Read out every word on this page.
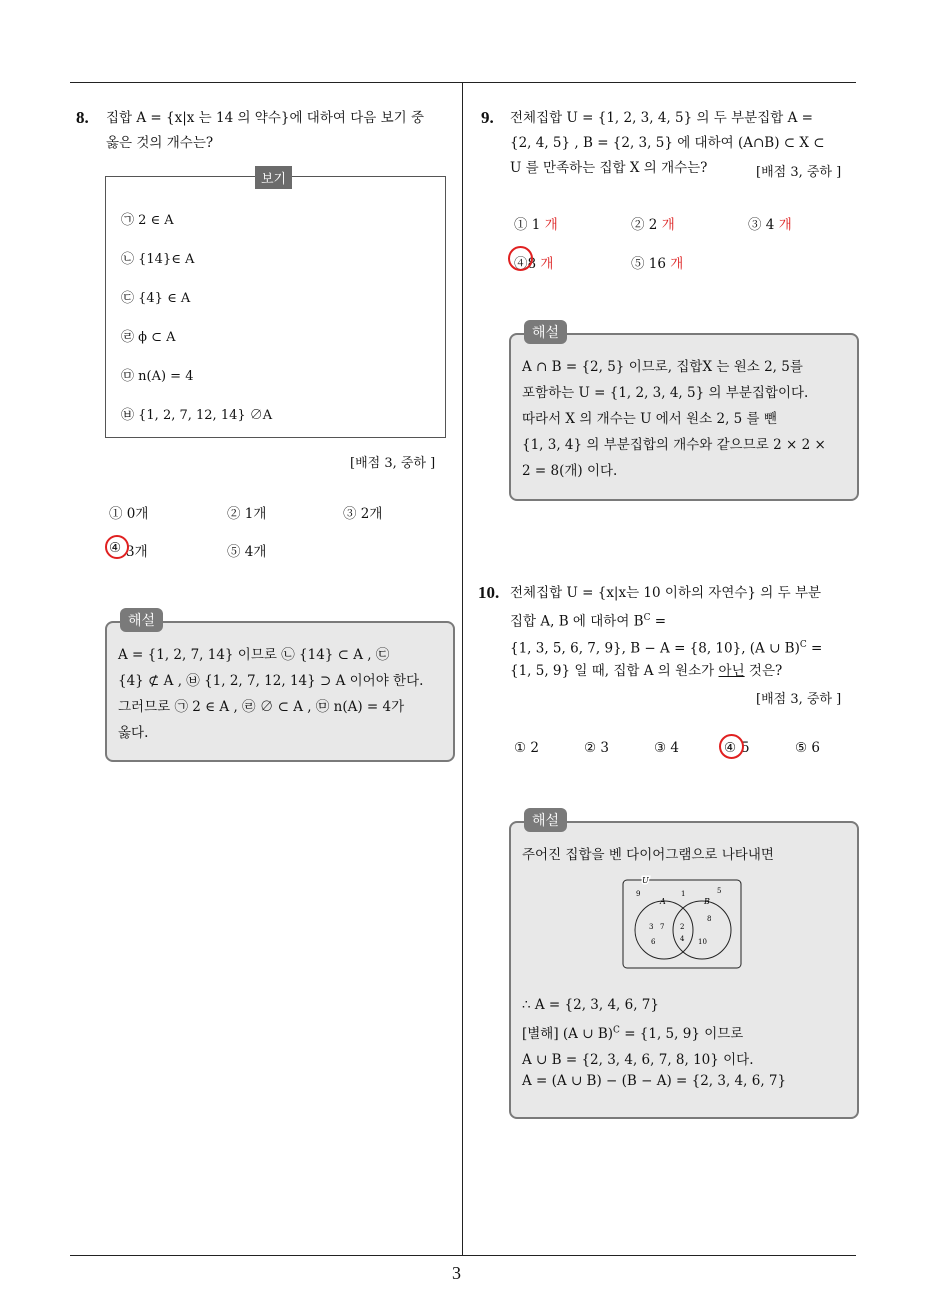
3
8. 집합 A = {x|x 는 14 의 약수}에 대하여 다음 보기 중
옳은 것의 개수는?
보기
㉠ 2 ∈ A
㉡ {14}∈ A
㉢ {4} ∈ A
㉣ ϕ ⊂ A
㉤ n(A) = 4
㉥ {1, 2, 7, 12, 14} ∅A
[배점 3, 중하 ]
① 0개	② 1개	③ 2개
④ 3개	⑤ 4개
해설
A = {1, 2, 7, 14} 이므로 ㉡ {14} ⊂ A , ㉢
{4} ⊄ A , ㉥ {1, 2, 7, 12, 14} ⊃ A 이어야 한다.
그러므로 ㉠ 2 ∈ A , ㉣ ∅ ⊂ A , ㉤ n(A) = 4가
옳다.
9. 전체집합 U = {1, 2, 3, 4, 5} 의 두 부분집합 A =
{2, 4, 5} , B = {2, 3, 5} 에 대하여 (A∩B) ⊂ X ⊂
U 를 만족하는 집합 X 의 개수는?	[배점 3, 중하 ]
① 1 개	② 2 개	③ 4 개
④8 개	⑤ 16 개
해설
A ∩ B = {2, 5} 이므로, 집합X 는 원소 2, 5를
포함하는 U = {1, 2, 3, 4, 5} 의 부분집합이다.
따라서 X 의 개수는 U 에서 원소 2, 5 를 뺀
{1, 3, 4} 의 부분집합의 개수와 같으므로 2 × 2 ×
2 = 8(개) 이다.
10. 전체집합 U = {x|x는 10 이하의 자연수} 의 두 부분
집합 A, B 에 대하여 $B^C$ =
{1, 3, 5, 6, 7, 9}, B − A = {8, 10}, (A ∪ B)$^C$ =
{1, 5, 9} 일 때, 집합 A 의 원소가 아닌 것은?
[배점 3, 중하 ]
① 2	② 3	③ 4	④ 5	⑤ 6
해설
주어진 집합을 벤 다이어그램으로 나타내면
U
A	B
9	1	5
3 7
6
2
4
8
10
∴ A = {2, 3, 4, 6, 7}
[별해] (A ∪ B)$^C$ = {1, 5, 9} 이므로
A ∪ B = {2, 3, 4, 6, 7, 8, 10} 이다.
A = (A ∪ B) − (B − A) = {2, 3, 4, 6, 7}
